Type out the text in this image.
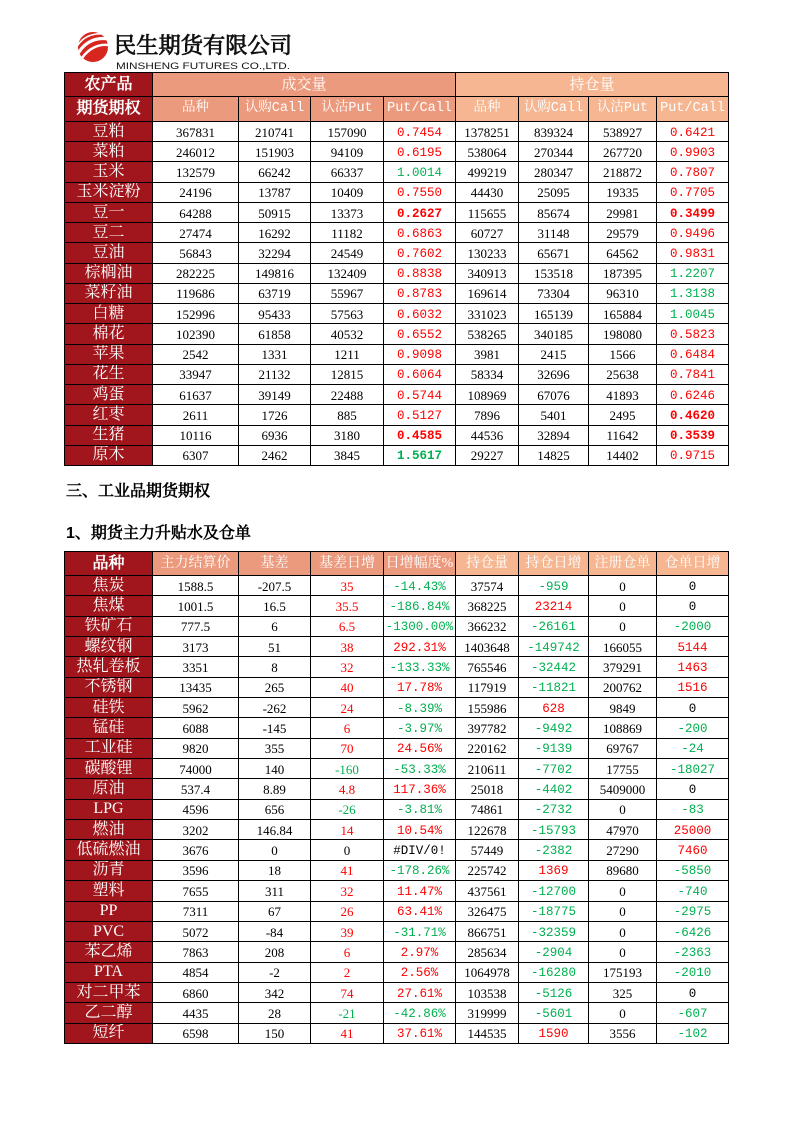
民生期货有限公司
MINSHENG FUTURES CO.,LTD.
农产品	成交量				持仓量			
期货期权	品种	认购Call	认沽Put	Put/Call	品种	认购Call	认沽Put	Put/Call
豆粕	367831	210741	157090	0.7454	1378251	839324	538927	0.6421
菜粕	246012	151903	94109	0.6195	538064	270344	267720	0.9903
玉米	132579	66242	66337	1.0014	499219	280347	218872	0.7807
玉米淀粉	24196	13787	10409	0.7550	44430	25095	19335	0.7705
豆一	64288	50915	13373	0.2627	115655	85674	29981	0.3499
豆二	27474	16292	11182	0.6863	60727	31148	29579	0.9496
豆油	56843	32294	24549	0.7602	130233	65671	64562	0.9831
棕榈油	282225	149816	132409	0.8838	340913	153518	187395	1.2207
菜籽油	119686	63719	55967	0.8783	169614	73304	96310	1.3138
白糖	152996	95433	57563	0.6032	331023	165139	165884	1.0045
棉花	102390	61858	40532	0.6552	538265	340185	198080	0.5823
苹果	2542	1331	1211	0.9098	3981	2415	1566	0.6484
花生	33947	21132	12815	0.6064	58334	32696	25638	0.7841
鸡蛋	61637	39149	22488	0.5744	108969	67076	41893	0.6246
红枣	2611	1726	885	0.5127	7896	5401	2495	0.4620
生猪	10116	6936	3180	0.4585	44536	32894	11642	0.3539
原木	6307	2462	3845	1.5617	29227	14825	14402	0.9715
三、工业品期货期权
1、期货主力升贴水及仓单
品种	主力结算价	基差	基差日增	日增幅度%	持仓量	持仓日增	注册仓单	仓单日增
焦炭	1588.5	-207.5	35	-14.43%	37574	-959	0	0
焦煤	1001.5	16.5	35.5	-186.84%	368225	23214	0	0
铁矿石	777.5	6	6.5	-1300.00%	366232	-26161	0	-2000
螺纹钢	3173	51	38	292.31%	1403648	-149742	166055	5144
热轧卷板	3351	8	32	-133.33%	765546	-32442	379291	1463
不锈钢	13435	265	40	17.78%	117919	-11821	200762	1516
硅铁	5962	-262	24	-8.39%	155986	628	9849	0
锰硅	6088	-145	6	-3.97%	397782	-9492	108869	-200
工业硅	9820	355	70	24.56%	220162	-9139	69767	-24
碳酸锂	74000	140	-160	-53.33%	210611	-7702	17755	-18027
原油	537.4	8.89	4.8	117.36%	25018	-4402	5409000	0
LPG	4596	656	-26	-3.81%	74861	-2732	0	-83
燃油	3202	146.84	14	10.54%	122678	-15793	47970	25000
低硫燃油	3676	0	0	#DIV/0!	57449	-2382	27290	7460
沥青	3596	18	41	-178.26%	225742	1369	89680	-5850
塑料	7655	311	32	11.47%	437561	-12700	0	-740
PP	7311	67	26	63.41%	326475	-18775	0	-2975
PVC	5072	-84	39	-31.71%	866751	-32359	0	-6426
苯乙烯	7863	208	6	2.97%	285634	-2904	0	-2363
PTA	4854	-2	2	2.56%	1064978	-16280	175193	-2010
对二甲苯	6860	342	74	27.61%	103538	-5126	325	0
乙二醇	4435	28	-21	-42.86%	319999	-5601	0	-607
短纤	6598	150	41	37.61%	144535	1590	3556	-102
